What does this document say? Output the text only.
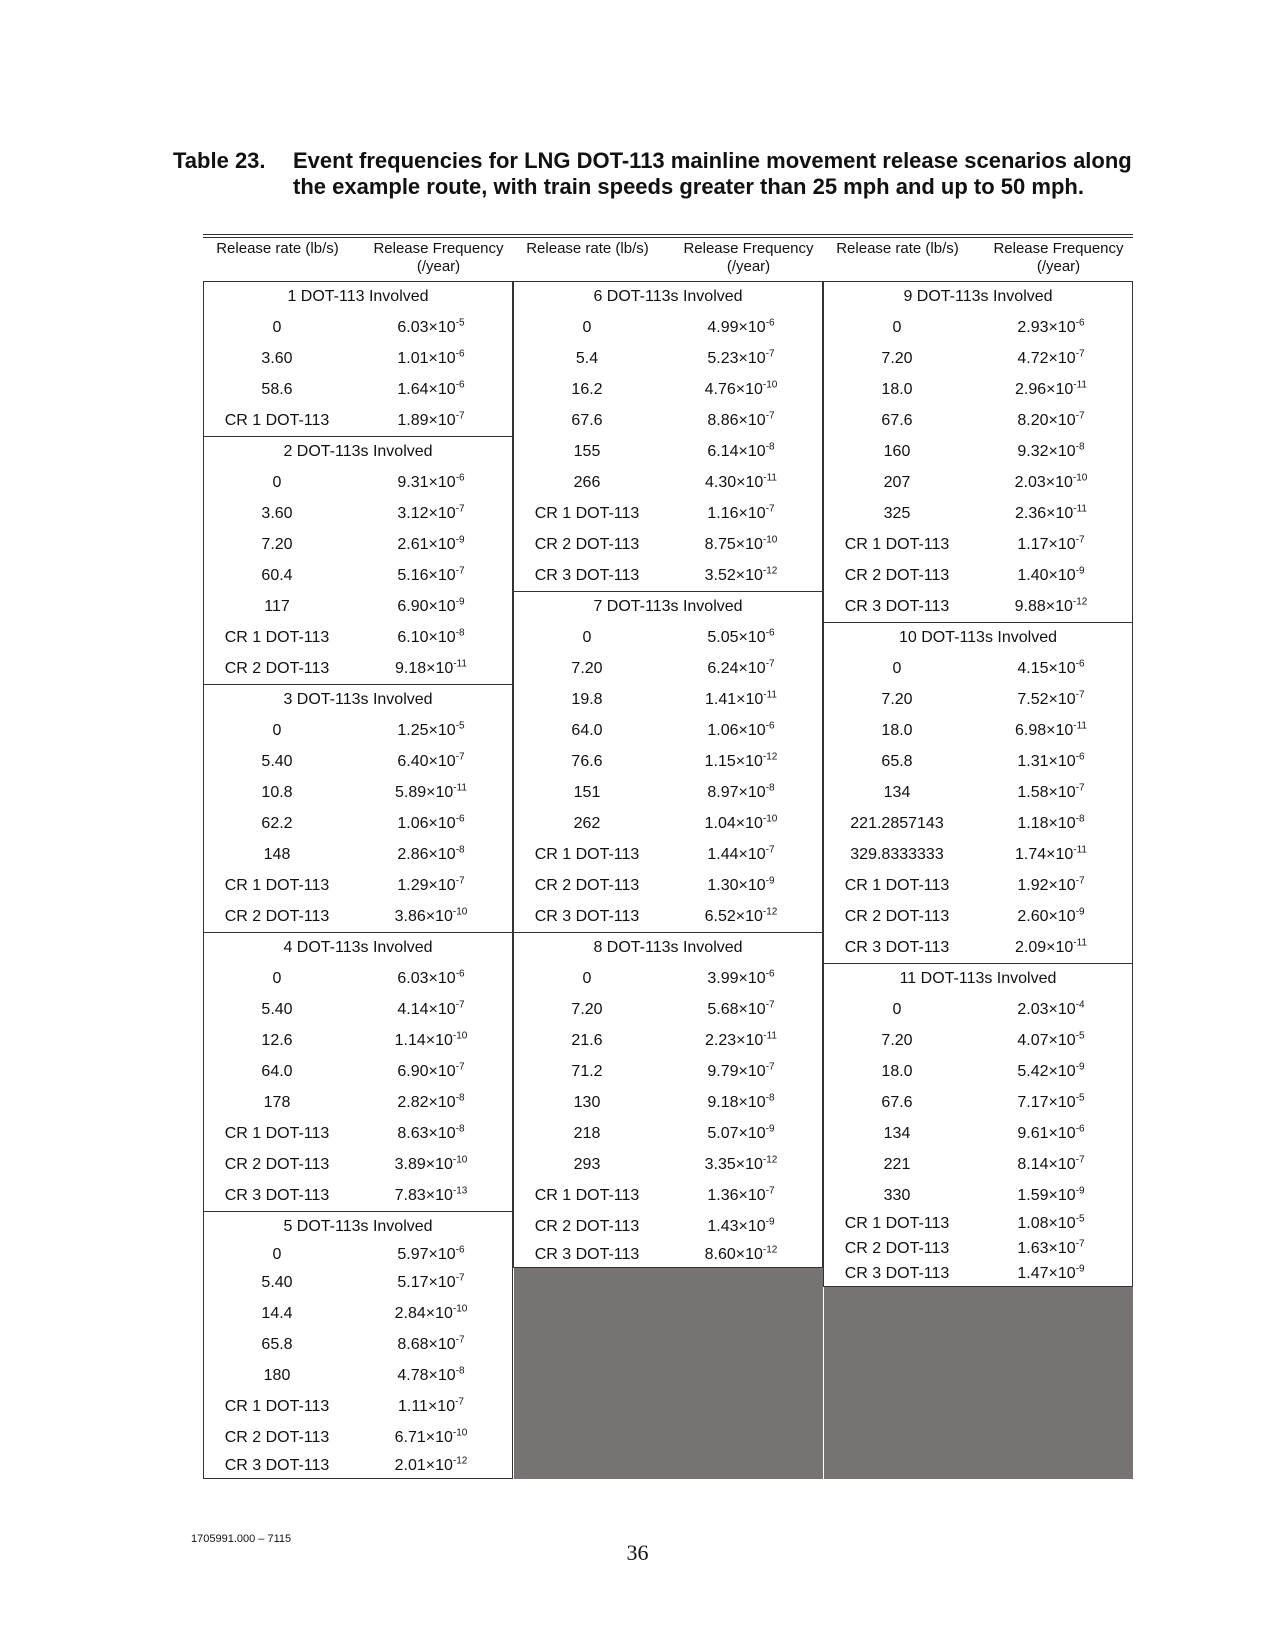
Table 23.	Event frequencies for LNG DOT-113 mainline movement release scenarios along the example route, with train speeds greater than 25 mph and up to 50 mph.
Release rate (lb/s)	Release Frequency (/year)
1 DOT-113 Involved
0	$6.03\times 10^{-5}$
3.60	$1.01\times 10^{-6}$
58.6	$1.64\times 10^{-6}$
CR 1 DOT-113	$1.89\times 10^{-7}$
2 DOT-113s Involved
0	$9.31\times 10^{-6}$
3.60	$3.12\times 10^{-7}$
7.20	$2.61\times 10^{-9}$
60.4	$5.16\times 10^{-7}$
117	$6.90\times 10^{-9}$
CR 1 DOT-113	$6.10\times 10^{-8}$
CR 2 DOT-113	$9.18\times 10^{-11}$
3 DOT-113s Involved
0	$1.25\times 10^{-5}$
5.40	$6.40\times 10^{-7}$
10.8	$5.89\times 10^{-11}$
62.2	$1.06\times 10^{-6}$
148	$2.86\times 10^{-8}$
CR 1 DOT-113	$1.29\times 10^{-7}$
CR 2 DOT-113	$3.86\times 10^{-10}$
4 DOT-113s Involved
0	$6.03\times 10^{-6}$
5.40	$4.14\times 10^{-7}$
12.6	$1.14\times 10^{-10}$
64.0	$6.90\times 10^{-7}$
178	$2.82\times 10^{-8}$
CR 1 DOT-113	$8.63\times 10^{-8}$
CR 2 DOT-113	$3.89\times 10^{-10}$
CR 3 DOT-113	$7.83\times 10^{-13}$
5 DOT-113s Involved
0	$5.97\times 10^{-6}$
5.40	$5.17\times 10^{-7}$
14.4	$2.84\times 10^{-10}$
65.8	$8.68\times 10^{-7}$
180	$4.78\times 10^{-8}$
CR 1 DOT-113	$1.11\times 10^{-7}$
CR 2 DOT-113	$6.71\times 10^{-10}$
CR 3 DOT-113	$2.01\times 10^{-12}$
Release rate (lb/s)	Release Frequency (/year)
6 DOT-113s Involved
0	$4.99\times 10^{-6}$
5.4	$5.23\times 10^{-7}$
16.2	$4.76\times 10^{-10}$
67.6	$8.86\times 10^{-7}$
155	$6.14\times 10^{-8}$
266	$4.30\times 10^{-11}$
CR 1 DOT-113	$1.16\times 10^{-7}$
CR 2 DOT-113	$8.75\times 10^{-10}$
CR 3 DOT-113	$3.52\times 10^{-12}$
7 DOT-113s Involved
0	$5.05\times 10^{-6}$
7.20	$6.24\times 10^{-7}$
19.8	$1.41\times 10^{-11}$
64.0	$1.06\times 10^{-6}$
76.6	$1.15\times 10^{-12}$
151	$8.97\times 10^{-8}$
262	$1.04\times 10^{-10}$
CR 1 DOT-113	$1.44\times 10^{-7}$
CR 2 DOT-113	$1.30\times 10^{-9}$
CR 3 DOT-113	$6.52\times 10^{-12}$
8 DOT-113s Involved
0	$3.99\times 10^{-6}$
7.20	$5.68\times 10^{-7}$
21.6	$2.23\times 10^{-11}$
71.2	$9.79\times 10^{-7}$
130	$9.18\times 10^{-8}$
218	$5.07\times 10^{-9}$
293	$3.35\times 10^{-12}$
CR 1 DOT-113	$1.36\times 10^{-7}$
CR 2 DOT-113	$1.43\times 10^{-9}$
CR 3 DOT-113	$8.60\times 10^{-12}$
Release rate (lb/s)	Release Frequency (/year)
9 DOT-113s Involved
0	$2.93\times 10^{-6}$
7.20	$4.72\times 10^{-7}$
18.0	$2.96\times 10^{-11}$
67.6	$8.20\times 10^{-7}$
160	$9.32\times 10^{-8}$
207	$2.03\times 10^{-10}$
325	$2.36\times 10^{-11}$
CR 1 DOT-113	$1.17\times 10^{-7}$
CR 2 DOT-113	$1.40\times 10^{-9}$
CR 3 DOT-113	$9.88\times 10^{-12}$
10 DOT-113s Involved
0	$4.15\times 10^{-6}$
7.20	$7.52\times 10^{-7}$
18.0	$6.98\times 10^{-11}$
65.8	$1.31\times 10^{-6}$
134	$1.58\times 10^{-7}$
221.2857143	$1.18\times 10^{-8}$
329.8333333	$1.74\times 10^{-11}$
CR 1 DOT-113	$1.92\times 10^{-7}$
CR 2 DOT-113	$2.60\times 10^{-9}$
CR 3 DOT-113	$2.09\times 10^{-11}$
11 DOT-113s Involved
0	$2.03\times 10^{-4}$
7.20	$4.07\times 10^{-5}$
18.0	$5.42\times 10^{-9}$
67.6	$7.17\times 10^{-5}$
134	$9.61\times 10^{-6}$
221	$8.14\times 10^{-7}$
330	$1.59\times 10^{-9}$
CR 1 DOT-113	$1.08\times 10^{-5}$
CR 2 DOT-113	$1.63\times 10^{-7}$
CR 3 DOT-113	$1.47\times 10^{-9}$
1705991.000 – 7115
36
